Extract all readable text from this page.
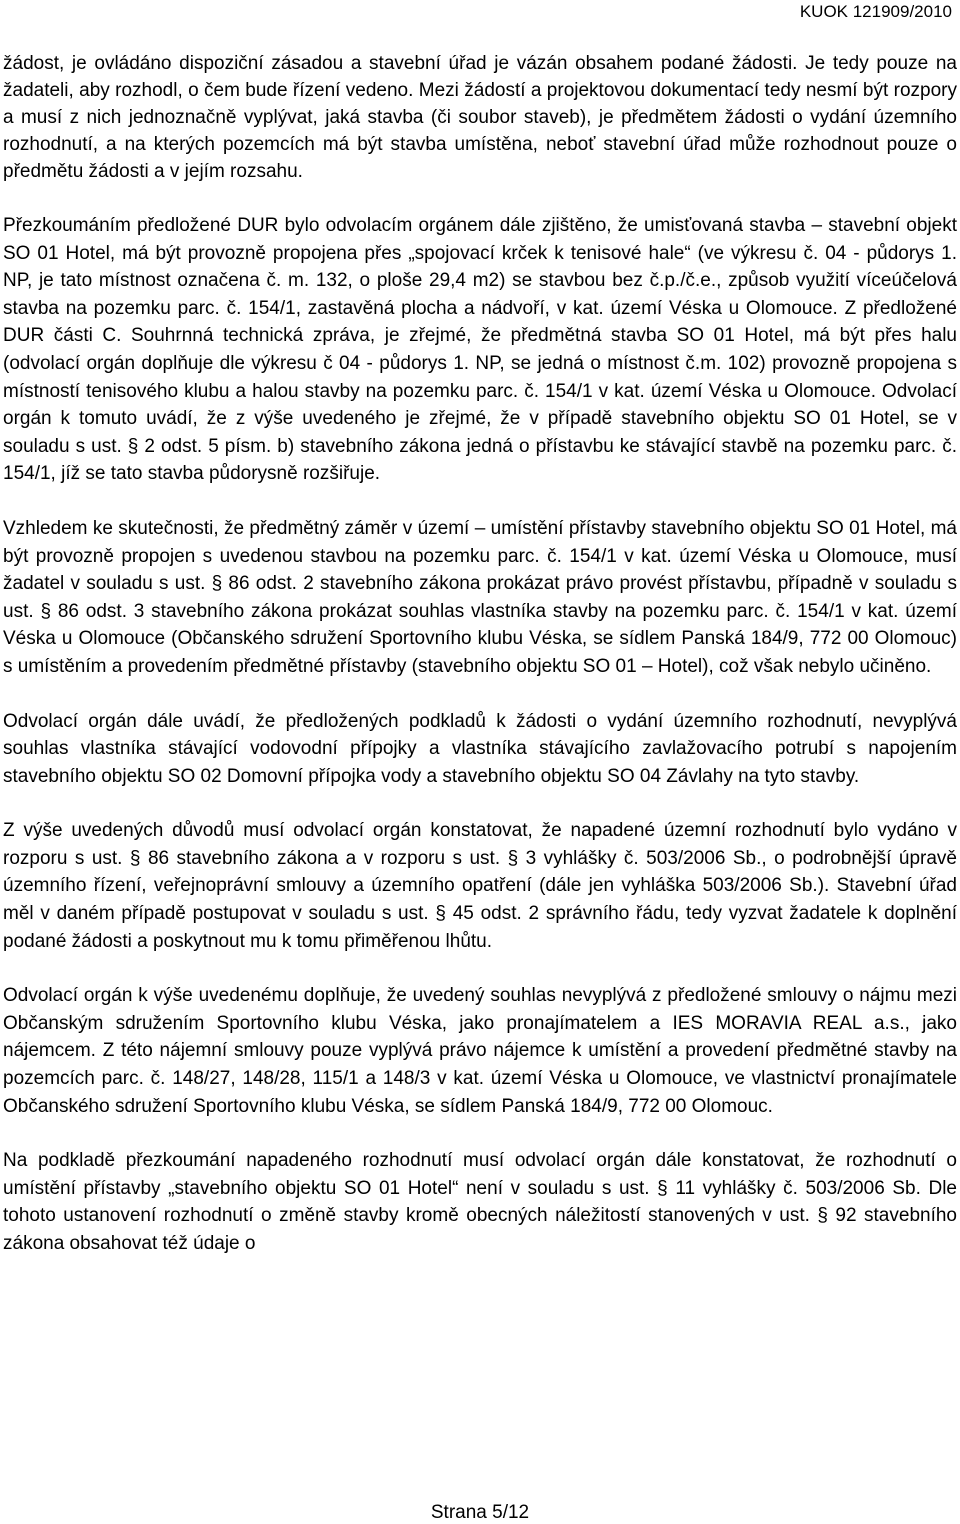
KUOK 121909/2010

žádost, je ovládáno dispoziční zásadou a stavební úřad je vázán obsahem podané žádosti. Je tedy pouze na žadateli, aby rozhodl, o čem bude řízení vedeno. Mezi žádostí a projektovou dokumentací tedy nesmí být rozpory a musí z nich jednoznačně vyplývat, jaká stavba (či soubor staveb), je předmětem žádosti o vydání územního rozhodnutí, a na kterých pozemcích má být stavba umístěna, neboť stavební úřad může rozhodnout pouze o předmětu žádosti a v jejím rozsahu.

Přezkoumáním předložené DUR bylo odvolacím orgánem dále zjištěno, že umisťovaná stavba – stavební objekt SO 01 Hotel, má být provozně propojena přes „spojovací krček k tenisové hale“ (ve výkresu č. 04 - půdorys 1. NP, je tato místnost označena č. m. 132, o ploše 29,4 m2) se stavbou bez č.p./č.e., způsob využití víceúčelová stavba na pozemku parc. č. 154/1, zastavěná plocha a nádvoří, v kat. území Véska u Olomouce. Z předložené DUR části C. Souhrnná technická zpráva, je zřejmé, že předmětná stavba SO 01 Hotel, má být přes halu (odvolací orgán doplňuje dle výkresu č 04 - půdorys 1. NP, se jedná o místnost č.m. 102) provozně propojena s místností tenisového klubu a halou stavby na pozemku parc. č. 154/1 v kat. území Véska u Olomouce. Odvolací orgán k tomuto uvádí, že z výše uvedeného je zřejmé, že v případě stavebního objektu SO 01 Hotel, se v souladu s ust. § 2 odst. 5 písm. b) stavebního zákona jedná o přístavbu ke stávající stavbě na pozemku parc. č. 154/1, jíž se tato stavba půdorysně rozšiřuje.

Vzhledem ke skutečnosti, že předmětný záměr v území – umístění přístavby stavebního objektu SO 01 Hotel, má být provozně propojen s uvedenou stavbou na pozemku parc. č. 154/1 v kat. území Véska u Olomouce, musí žadatel v souladu s ust. § 86 odst. 2 stavebního zákona prokázat právo provést přístavbu, případně v souladu s ust. § 86 odst. 3 stavebního zákona prokázat souhlas vlastníka stavby na pozemku parc. č. 154/1 v kat. území Véska u Olomouce (Občanského sdružení Sportovního klubu Véska, se sídlem Panská 184/9, 772 00 Olomouc) s umístěním a provedením předmětné přístavby (stavebního objektu SO 01 – Hotel), což však nebylo učiněno.

Odvolací orgán dále uvádí, že předložených podkladů k žádosti o vydání územního rozhodnutí, nevyplývá souhlas vlastníka stávající vodovodní přípojky a vlastníka stávajícího zavlažovacího potrubí s napojením stavebního objektu SO 02 Domovní přípojka vody a stavebního objektu SO 04 Závlahy na tyto stavby.

Z výše uvedených důvodů musí odvolací orgán konstatovat, že napadené územní rozhodnutí bylo vydáno v rozporu s ust. § 86 stavebního zákona a v rozporu s ust. § 3 vyhlášky č. 503/2006 Sb., o podrobnější úpravě územního řízení, veřejnoprávní smlouvy a územního opatření (dále jen vyhláška 503/2006 Sb.). Stavební úřad měl v daném případě postupovat v souladu s ust. § 45 odst. 2 správního řádu, tedy vyzvat žadatele k doplnění podané žádosti a poskytnout mu k tomu přiměřenou lhůtu.

Odvolací orgán k výše uvedenému doplňuje, že uvedený souhlas nevyplývá z předložené smlouvy o nájmu mezi Občanským sdružením Sportovního klubu Véska, jako pronajímatelem a IES MORAVIA REAL a.s., jako nájemcem. Z této nájemní smlouvy pouze vyplývá právo nájemce k umístění a provedení předmětné stavby na pozemcích parc. č. 148/27, 148/28, 115/1 a 148/3 v kat. území Véska u Olomouce, ve vlastnictví pronajímatele Občanského sdružení Sportovního klubu Véska, se sídlem Panská 184/9, 772 00 Olomouc.

Na podkladě přezkoumání napadeného rozhodnutí musí odvolací orgán dále konstatovat, že rozhodnutí o umístění přístavby „stavebního objektu SO 01 Hotel“ není v souladu s ust. § 11 vyhlášky č. 503/2006 Sb. Dle tohoto ustanovení rozhodnutí o změně stavby kromě obecných náležitostí stanovených v ust. § 92 stavebního zákona obsahovat též údaje o

Strana 5/12
